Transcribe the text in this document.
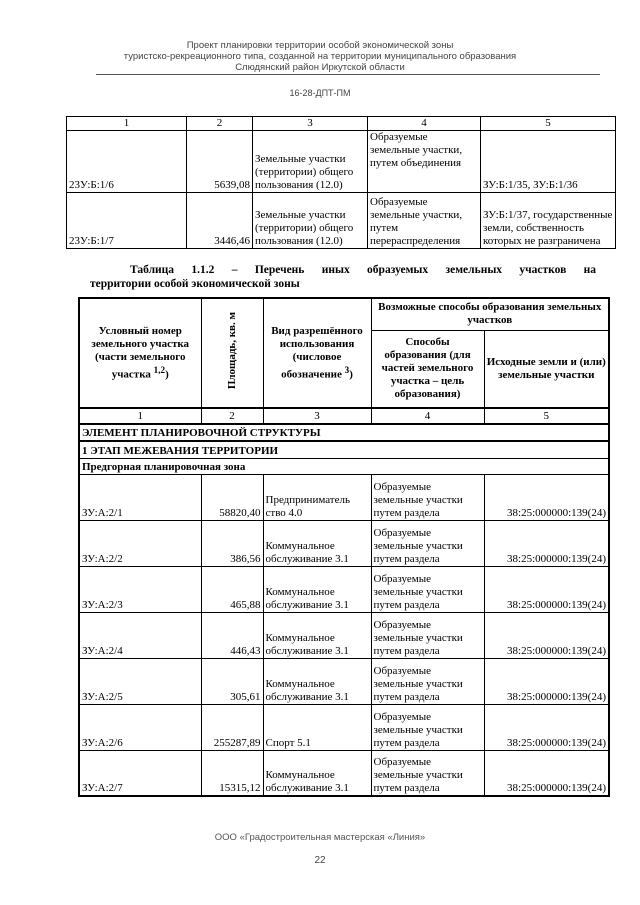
Проект планировки территории особой экономической зоны
туристско-рекреационного типа, созданной на территории муниципального образования
Слюдянский район Иркутской области
16-28-ДПТ-ПМ
1	2	3	4	5
23У:Б:1/6	5639,08	Земельные участки (территории) общего пользования (12.0)	Образуемые земельные участки, путем объединения	ЗУ:Б:1/35, ЗУ:Б:1/36
23У:Б:1/7	3446,46	Земельные участки (территории) общего пользования (12.0)	Образуемые земельные участки, путем перераспределения	ЗУ:Б:1/37, государственные земли, собственность которых не разграничена
Таблица 1.1.2 – Перечень иных образуемых земельных участков на
территории особой экономической зоны
Условный номер земельного участка (части земельного участка $^{1,2}$)	Площадь, кв. м	Вид разрешённого использования (числовое обозначение $^3$)	Возможные способы образования земельных участков	
			Способы образования (для частей земельного участка – цель образования)	Исходные земли и (или) земельные участки
1	2	3	4	5
ЭЛЕМЕНТ ПЛАНИРОВОЧНОЙ СТРУКТУРЫ				
1 ЭТАП МЕЖЕВАНИЯ ТЕРРИТОРИИ				
Предгорная планировочная зона				
ЗУ:А:2/1	58820,40	Предприниматель ство 4.0	Образуемые земельные участки путем раздела	38:25:000000:139(24)
ЗУ:А:2/2	386,56	Коммунальное обслуживание 3.1	Образуемые земельные участки путем раздела	38:25:000000:139(24)
ЗУ:А:2/3	465,88	Коммунальное обслуживание 3.1	Образуемые земельные участки путем раздела	38:25:000000:139(24)
ЗУ:А:2/4	446,43	Коммунальное обслуживание 3.1	Образуемые земельные участки путем раздела	38:25:000000:139(24)
ЗУ:А:2/5	305,61	Коммунальное обслуживание 3.1	Образуемые земельные участки путем раздела	38:25:000000:139(24)
ЗУ:А:2/6	255287,89	Спорт 5.1	Образуемые земельные участки путем раздела	38:25:000000:139(24)
ЗУ:А:2/7	15315,12	Коммунальное обслуживание 3.1	Образуемые земельные участки путем раздела	38:25:000000:139(24)
ООО «Градостроительная мастерская «Линия»
22
